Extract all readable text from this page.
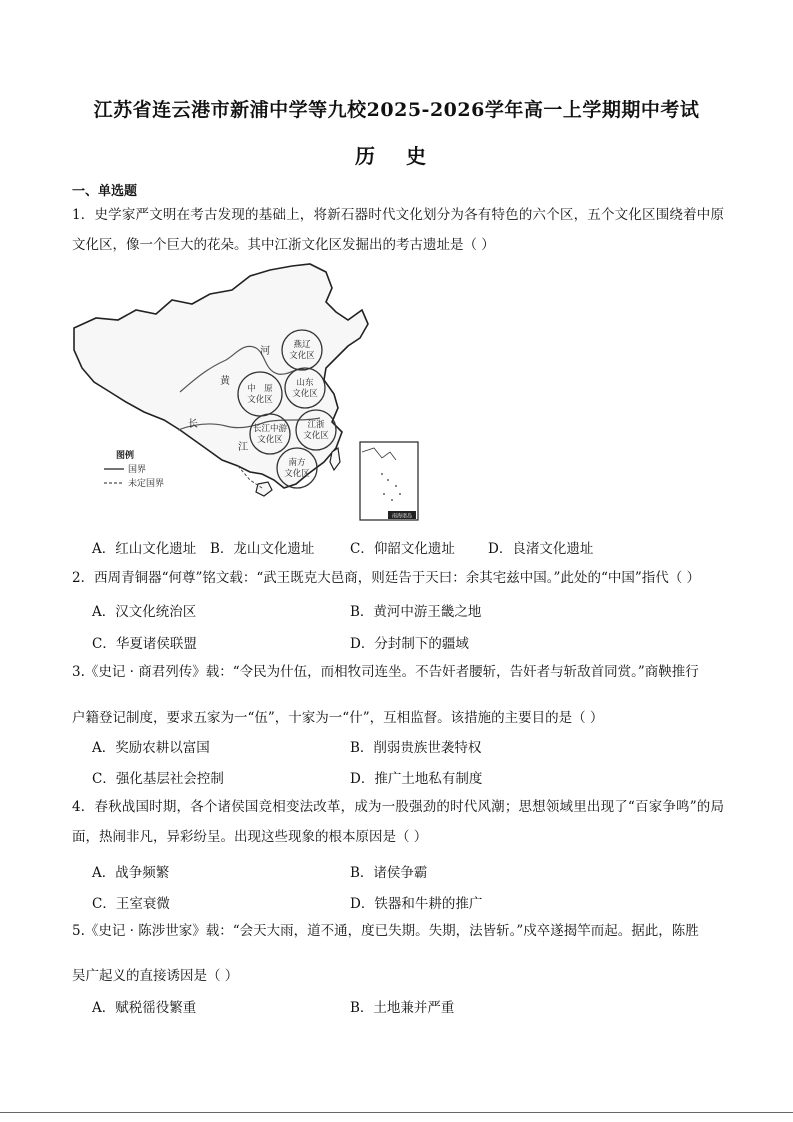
江苏省连云港市新浦中学等九校2025-2026学年高一上学期期中考试
历 史
一、单选题
1．史学家严文明在考古发现的基础上，将新石器时代文化划分为各有特色的六个区，五个文化区围绕着中原文化区，像一个巨大的花朵。其中江浙文化区发掘出的考古遗址是（ ）
燕辽
文化区
中　原
文化区
山东
文化区
长江中游
文化区
江浙
文化区
南方
文化区
河
黄
长
江
图例
国界
未定国界
南海诸岛
A．红山文化遗址 B．龙山文化遗址	C．仰韶文化遗址 D．良渚文化遗址
2．西周青铜器“何尊”铭文载：“武王既克大邑商，则廷告于天曰：余其宅兹中国。”此处的“中国”指代（ ）
A．汉文化统治区	B．黄河中游王畿之地
C．华夏诸侯联盟	D．分封制下的疆域
3.《史记 · 商君列传》载：“令民为什伍，而相牧司连坐。不告奸者腰斩，告奸者与斩敌首同赏。”商鞅推行
户籍登记制度，要求五家为一“伍”，十家为一“什”，互相监督。该措施的主要目的是（ ）
A．奖励农耕以富国	B．削弱贵族世袭特权
C．强化基层社会控制	D．推广土地私有制度
4．春秋战国时期，各个诸侯国竞相变法改革，成为一股强劲的时代风潮；思想领域里出现了“百家争鸣”的局面，热闹非凡，异彩纷呈。出现这些现象的根本原因是（ ）
A．战争频繁	B．诸侯争霸
C．王室衰微	D．铁器和牛耕的推广
5.《史记 · 陈涉世家》载：“会天大雨，道不通，度已失期。失期，法皆斩。”戍卒遂揭竿而起。据此，陈胜
吴广起义的直接诱因是（ ）
A．赋税徭役繁重	B．土地兼并严重
